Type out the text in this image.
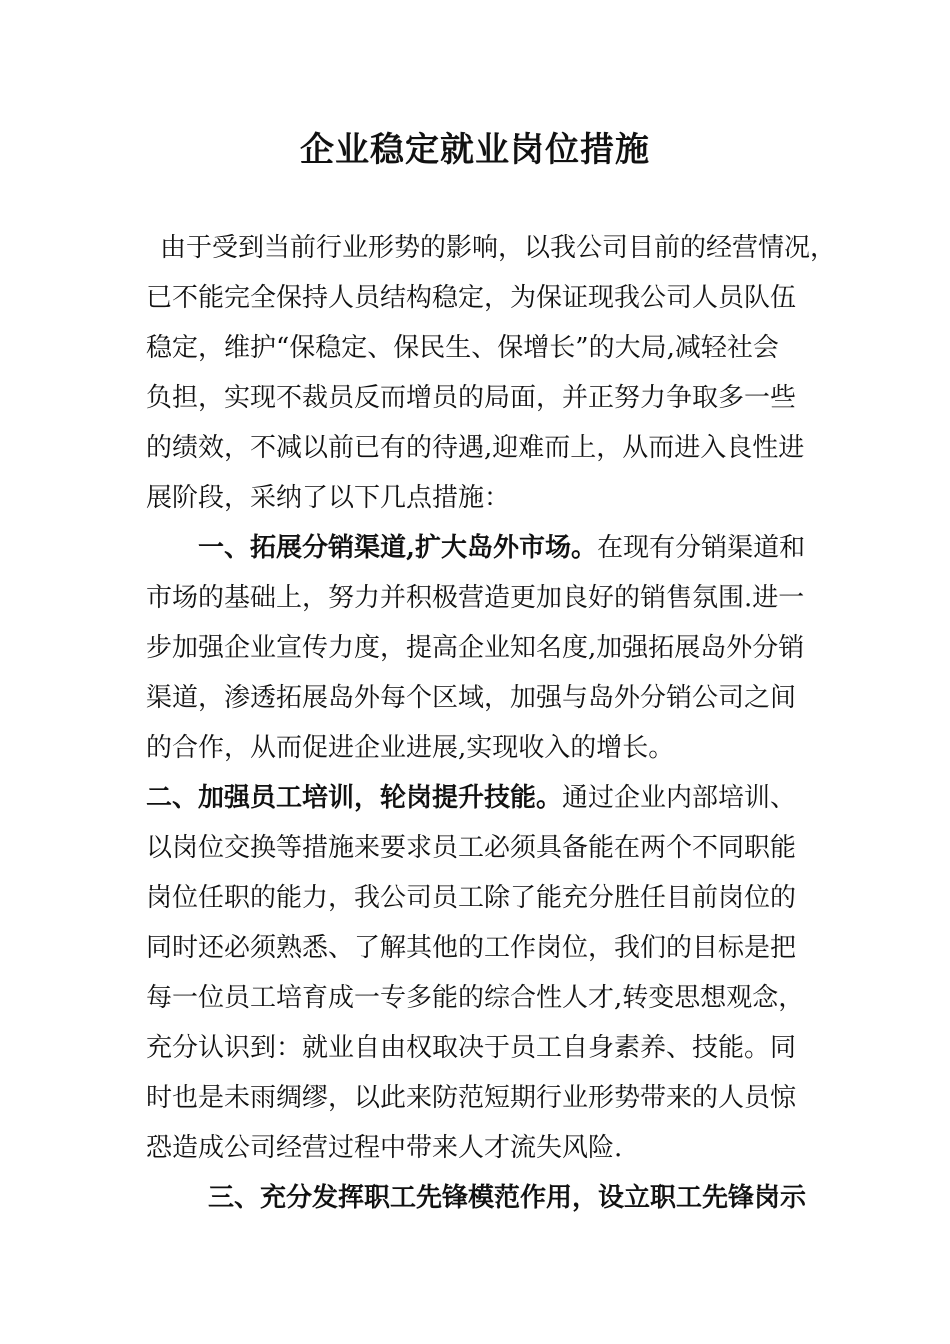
企业稳定就业岗位措施
由于受到当前行业形势的影响，以我公司目前的经营情况，
已不能完全保持人员结构稳定，为保证现我公司人员队伍
稳定，维护“保稳定、保民生、保增长”的大局,减轻社会
负担，实现不裁员反而增员的局面，并正努力争取多一些
的绩效，不减以前已有的待遇,迎难而上，从而进入良性进
展阶段，采纳了以下几点措施：
一、拓展分销渠道,扩大岛外市场。在现有分销渠道和
市场的基础上，努力并积极营造更加良好的销售氛围.进一
步加强企业宣传力度，提高企业知名度,加强拓展岛外分销
渠道，渗透拓展岛外每个区域，加强与岛外分销公司之间
的合作，从而促进企业进展,实现收入的增长。
二、加强员工培训，轮岗提升技能。通过企业内部培训、
以岗位交换等措施来要求员工必须具备能在两个不同职能
岗位任职的能力，我公司员工除了能充分胜任目前岗位的
同时还必须熟悉、了解其他的工作岗位，我们的目标是把
每一位员工培育成一专多能的综合性人才,转变思想观念，
充分认识到：就业自由权取决于员工自身素养、技能。同
时也是未雨绸缪，以此来防范短期行业形势带来的人员惊
恐造成公司经营过程中带来人才流失风险.
三、充分发挥职工先锋模范作用，设立职工先锋岗示
